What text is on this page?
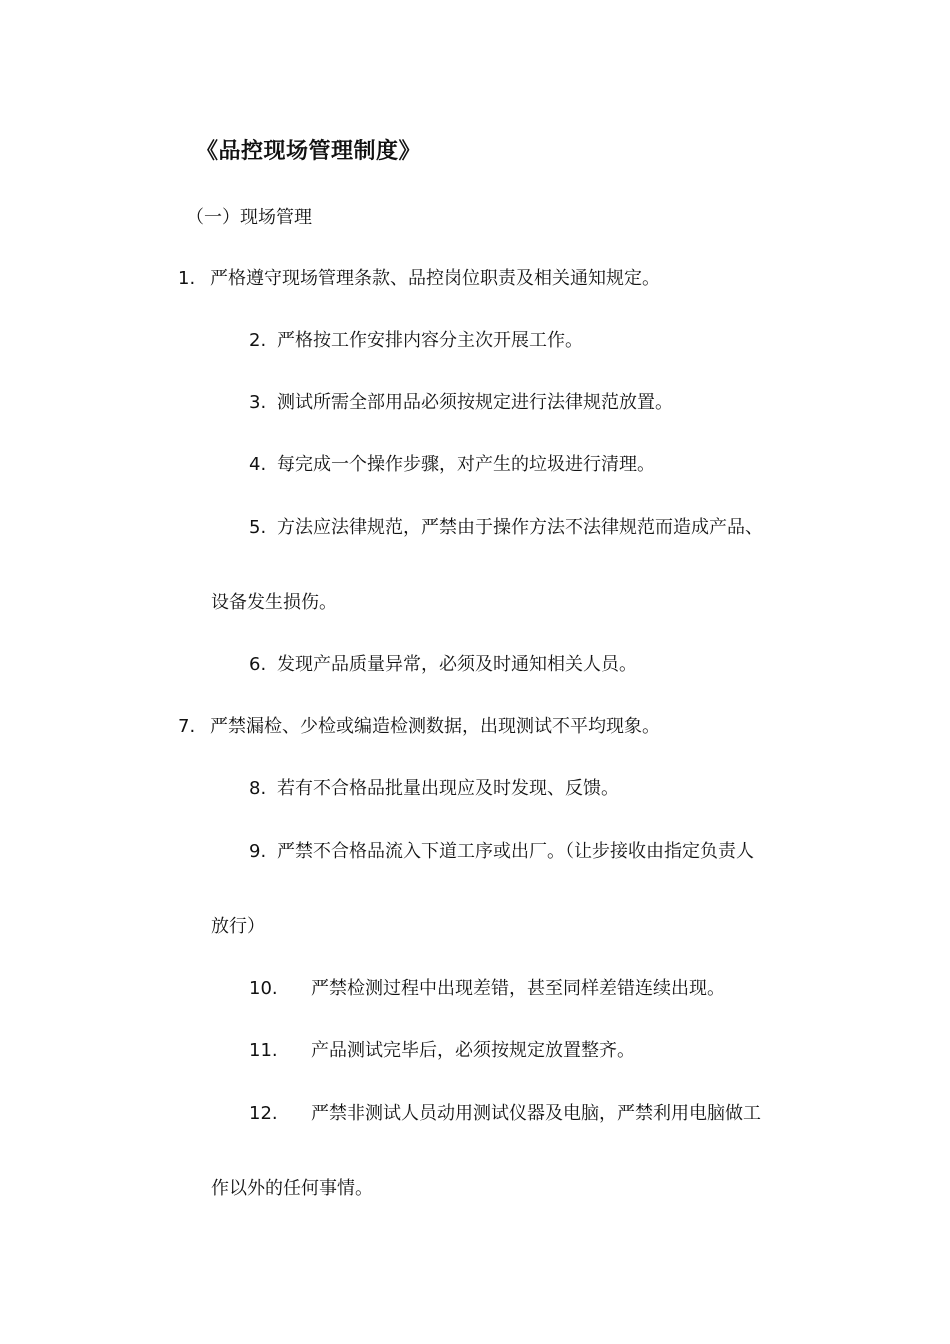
《品控现场管理制度》
（一）现场管理
1. 严格遵守现场管理条款、品控岗位职责及相关通知规定。
2. 严格按工作安排内容分主次开展工作。
3. 测试所需全部用品必须按规定进行法律规范放置。
4. 每完成一个操作步骤，对产生的垃圾进行清理。
5. 方法应法律规范，严禁由于操作方法不法律规范而造成产品、
设备发生损伤。
6. 发现产品质量异常，必须及时通知相关人员。
7. 严禁漏检、少检或编造检测数据，出现测试不平均现象。
8. 若有不合格品批量出现应及时发现、反馈。
9. 严禁不合格品流入下道工序或出厂。（让步接收由指定负责人
放行）
10. 严禁检测过程中出现差错，甚至同样差错连续出现。
11. 产品测试完毕后，必须按规定放置整齐。
12. 严禁非测试人员动用测试仪器及电脑，严禁利用电脑做工
作以外的任何事情。
